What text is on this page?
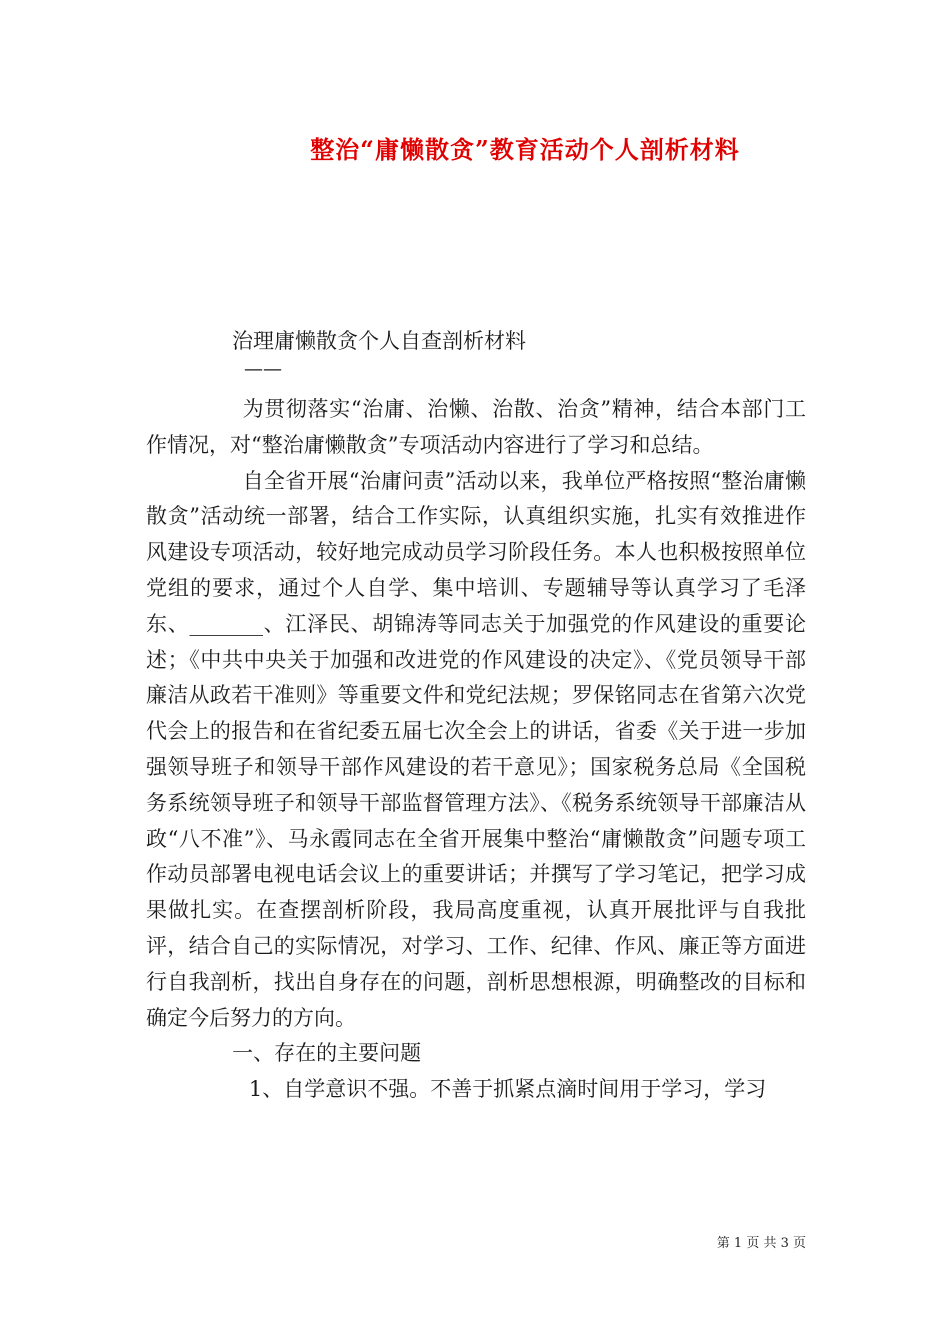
整治“庸懒散贪”教育活动个人剖析材料
治理庸懒散贪个人自查剖析材料
——

为贯彻落实“治庸、治懒、治散、治贪”精神，结合本部门工作情况，对“整治庸懒散贪”专项活动内容进行了学习和总结。

自全省开展“治庸问责”活动以来，我单位严格按照“整治庸懒散贪”活动统一部署，结合工作实际，认真组织实施，扎实有效推进作风建设专项活动，较好地完成动员学习阶段任务。本人也积极按照单位党组的要求，通过个人自学、集中培训、专题辅导等认真学习了毛泽东、_______、江泽民、胡锦涛等同志关于加强党的作风建设的重要论述；《中共中央关于加强和改进党的作风建设的决定》、《党员领导干部廉洁从政若干准则》等重要文件和党纪法规；罗保铭同志在省第六次党代会上的报告和在省纪委五届七次全会上的讲话，省委《关于进一步加强领导班子和领导干部作风建设的若干意见》；国家税务总局《全国税务系统领导班子和领导干部监督管理方法》、《税务系统领导干部廉洁从政“八不准”》、马永霞同志在全省开展集中整治“庸懒散贪”问题专项工作动员部署电视电话会议上的重要讲话；并撰写了学习笔记，把学习成果做扎实。在查摆剖析阶段，我局高度重视，认真开展批评与自我批评，结合自己的实际情况，对学习、工作、纪律、作风、廉正等方面进行自我剖析，找出自身存在的问题，剖析思想根源，明确整改的目标和确定今后努力的方向。

一、存在的主要问题

1、自学意识不强。不善于抓紧点滴时间用于学习，学习

第 1 页 共 3 页
